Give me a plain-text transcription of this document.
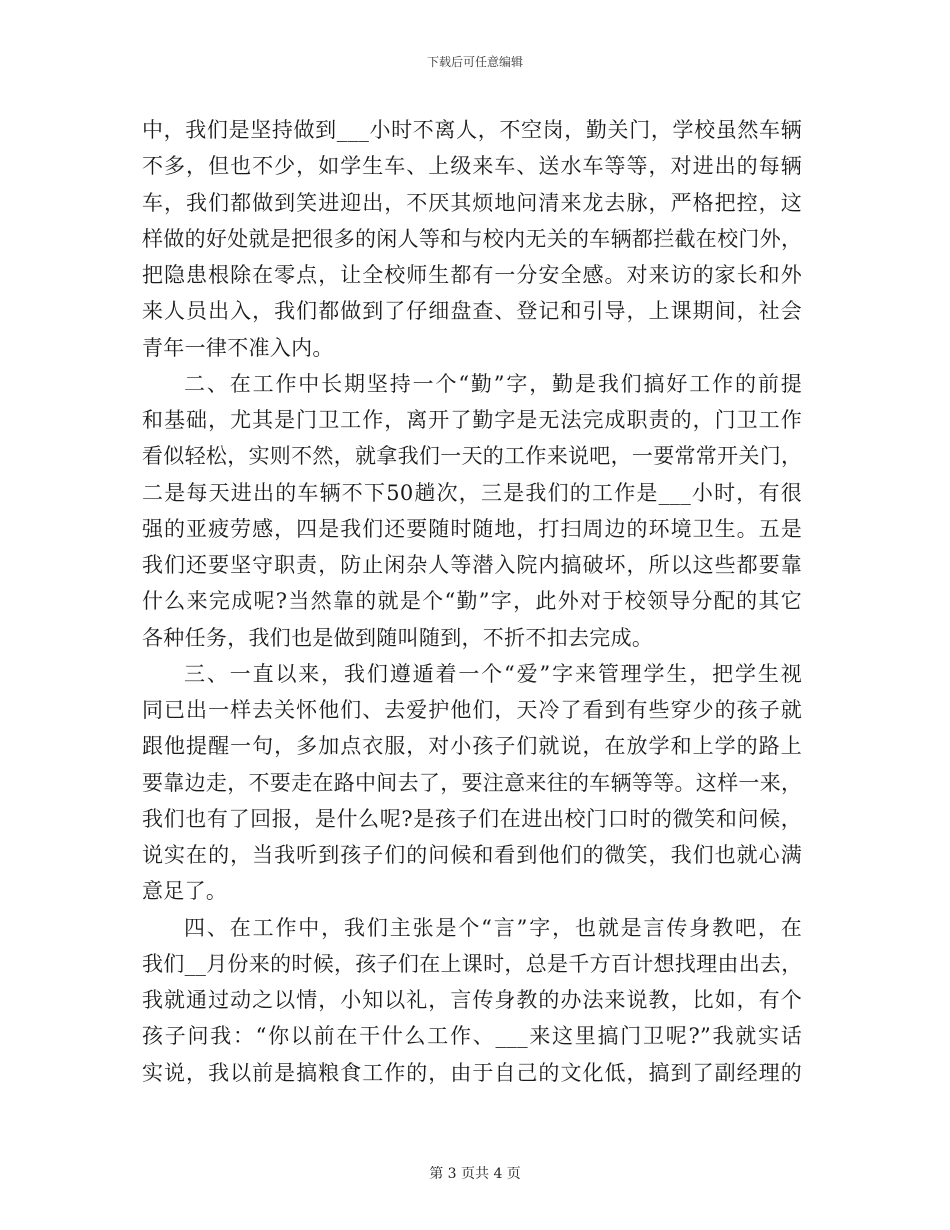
下载后可任意编辑
中，我们是坚持做到___小时不离人，不空岗，勤关门，学校虽然车辆
不多，但也不少，如学生车、上级来车、送水车等等，对进出的每辆
车，我们都做到笑进迎出，不厌其烦地问清来龙去脉，严格把控，这
样做的好处就是把很多的闲人等和与校内无关的车辆都拦截在校门外，
把隐患根除在零点，让全校师生都有一分安全感。对来访的家长和外
来人员出入，我们都做到了仔细盘查、登记和引导，上课期间，社会
青年一律不准入内。
二、在工作中长期坚持一个“勤”字，勤是我们搞好工作的前提
和基础，尤其是门卫工作，离开了勤字是无法完成职责的，门卫工作
看似轻松，实则不然，就拿我们一天的工作来说吧，一要常常开关门，
二是每天进出的车辆不下50趟次，三是我们的工作是___小时，有很
强的亚疲劳感，四是我们还要随时随地，打扫周边的环境卫生。五是
我们还要坚守职责，防止闲杂人等潜入院内搞破坏，所以这些都要靠
什么来完成呢?当然靠的就是个“勤”字，此外对于校领导分配的其它
各种任务，我们也是做到随叫随到，不折不扣去完成。
三、一直以来，我们遵遁着一个“爱”字来管理学生，把学生视
同已出一样去关怀他们、去爱护他们，天冷了看到有些穿少的孩子就
跟他提醒一句，多加点衣服，对小孩子们就说，在放学和上学的路上
要靠边走，不要走在路中间去了，要注意来往的车辆等等。这样一来，
我们也有了回报，是什么呢?是孩子们在进出校门口时的微笑和问候，
说实在的，当我听到孩子们的问候和看到他们的微笑，我们也就心满
意足了。
四、在工作中，我们主张是个“言”字，也就是言传身教吧，在
我们__月份来的时候，孩子们在上课时，总是千方百计想找理由出去，
我就通过动之以情，小知以礼，言传身教的办法来说教，比如，有个
孩子问我：“你以前在干什么工作、___来这里搞门卫呢?”我就实话
实说，我以前是搞粮食工作的，由于自己的文化低，搞到了副经理的
第 3 页共 4 页
